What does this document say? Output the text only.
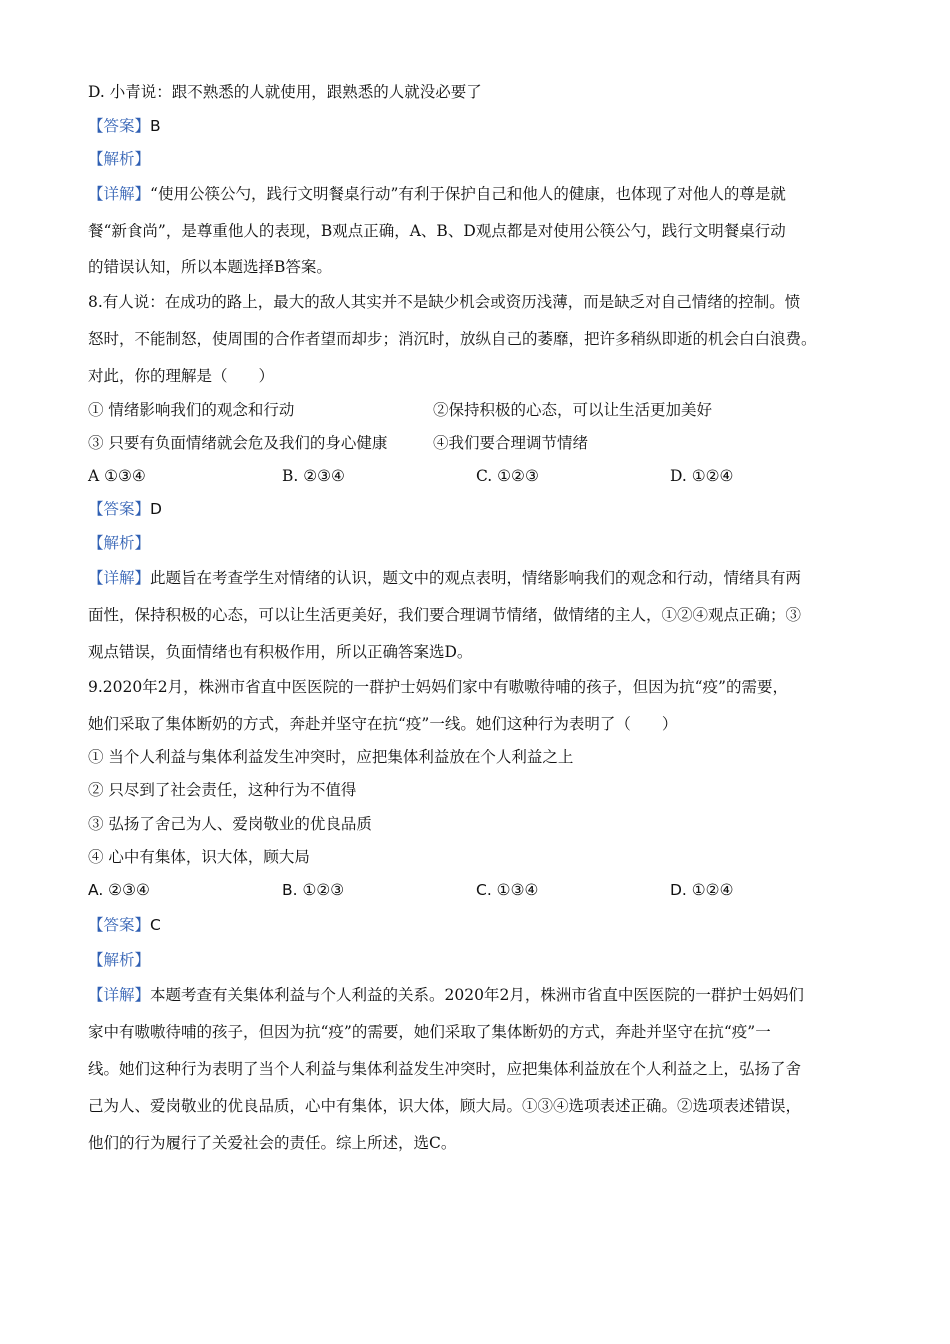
D. 小青说：跟不熟悉的人就使用，跟熟悉的人就没必要了
【答案】B
【解析】
【详解】“使用公筷公勺，践行文明餐桌行动”有利于保护自己和他人的健康，也体现了对他人的尊是就
餐“新食尚”，是尊重他人的表现，B观点正确，A、B、D观点都是对使用公筷公勺，践行文明餐桌行动
的错误认知，所以本题选择B答案。
8.有人说：在成功的路上，最大的敌人其实并不是缺少机会或资历浅薄，而是缺乏对自己情绪的控制。愤
怒时，不能制怒，使周围的合作者望而却步；消沉时，放纵自己的萎靡，把许多稍纵即逝的机会白白浪费。
对此，你的理解是（　　）
① 情绪影响我们的观念和行动	②保持积极的心态，可以让生活更加美好
③ 只要有负面情绪就会危及我们的身心健康	④我们要合理调节情绪
A ①③④	B. ②③④	C. ①②③	D. ①②④
【答案】D
【解析】
【详解】此题旨在考查学生对情绪的认识，题文中的观点表明，情绪影响我们的观念和行动，情绪具有两
面性，保持积极的心态，可以让生活更美好，我们要合理调节情绪，做情绪的主人，①②④观点正确；③
观点错误，负面情绪也有积极作用，所以正确答案选D。
9.2020年2月，株洲市省直中医医院的一群护士妈妈们家中有嗷嗷待哺的孩子，但因为抗“疫”的需要，
她们采取了集体断奶的方式，奔赴并坚守在抗“疫”一线。她们这种行为表明了（　　）
① 当个人利益与集体利益发生冲突时，应把集体利益放在个人利益之上
② 只尽到了社会责任，这种行为不值得
③ 弘扬了舍己为人、爱岗敬业的优良品质
④ 心中有集体，识大体，顾大局
A. ②③④	B. ①②③	C. ①③④	D. ①②④
【答案】C
【解析】
【详解】本题考查有关集体利益与个人利益的关系。2020年2月，株洲市省直中医医院的一群护士妈妈们
家中有嗷嗷待哺的孩子，但因为抗“疫”的需要，她们采取了集体断奶的方式，奔赴并坚守在抗“疫”一
线。她们这种行为表明了当个人利益与集体利益发生冲突时，应把集体利益放在个人利益之上，弘扬了舍
己为人、爱岗敬业的优良品质，心中有集体，识大体，顾大局。①③④选项表述正确。②选项表述错误，
他们的行为履行了关爱社会的责任。综上所述，选C。
